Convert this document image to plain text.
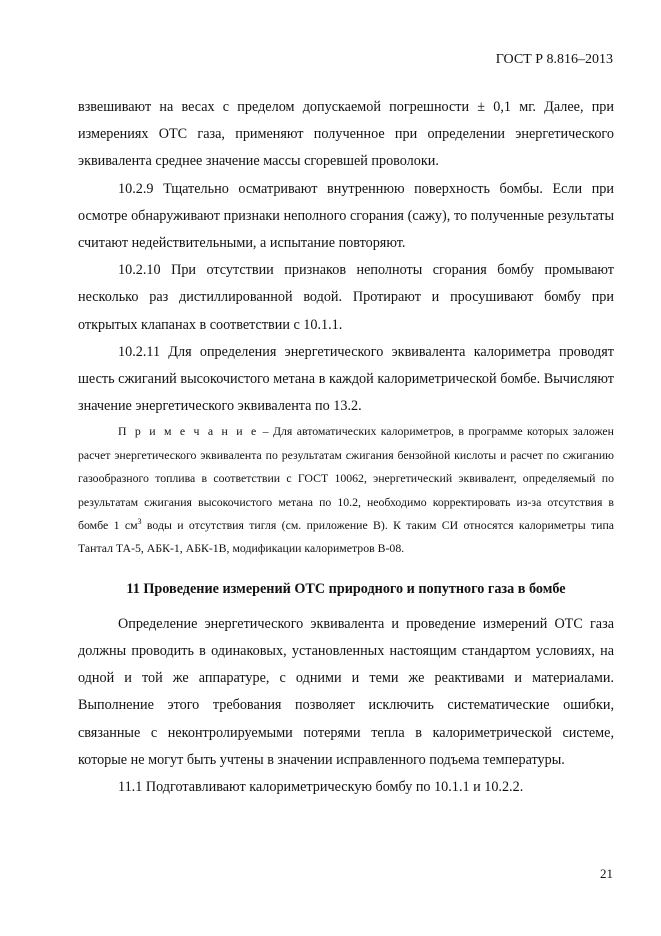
ГОСТ Р 8.816–2013

взвешивают на весах с пределом допускаемой погрешности ± 0,1 мг. Далее, при измерениях ОТС газа, применяют полученное при определении энергетического эквивалента среднее значение массы сгоревшей проволоки.

10.2.9 Тщательно осматривают внутреннюю поверхность бомбы. Если при осмотре обнаруживают признаки неполного сгорания (сажу), то полученные результаты считают недействительными, а испытание повторяют.

10.2.10 При отсутствии признаков неполноты сгорания бомбу промывают несколько раз дистиллированной водой. Протирают и просушивают бомбу при открытых клапанах в соответствии с 10.1.1.

10.2.11 Для определения энергетического эквивалента калориметра проводят шесть сжиганий высокочистого метана в каждой калориметрической бомбе. Вычисляют значение энергетического эквивалента по 13.2.

П р и м е ч а н и е – Для автоматических калориметров, в программе которых заложен расчет энергетического эквивалента по результатам сжигания бензойной кислоты и расчет по сжиганию газообразного топлива в соответствии с ГОСТ 10062, энергетический эквивалент, определяемый по результатам сжигания высокочистого метана по 10.2, необходимо корректировать из-за отсутствия в бомбе 1 $см^3$ воды и отсутствия тигля (см. приложение В). К таким СИ относятся калориметры типа Тантал ТА-5, АБК-1, АБК-1В, модификации калориметров В-08.

11 Проведение измерений ОТС природного и попутного газа в бомбе

Определение энергетического эквивалента и проведение измерений ОТС газа должны проводить в одинаковых, установленных настоящим стандартом условиях, на одной и той же аппаратуре, с одними и теми же реактивами и материалами. Выполнение этого требования позволяет исключить систематические ошибки, связанные с неконтролируемыми потерями тепла в калориметрической системе, которые не могут быть учтены в значении исправленного подъема температуры.

11.1 Подготавливают калориметрическую бомбу по 10.1.1 и 10.2.2.

21
